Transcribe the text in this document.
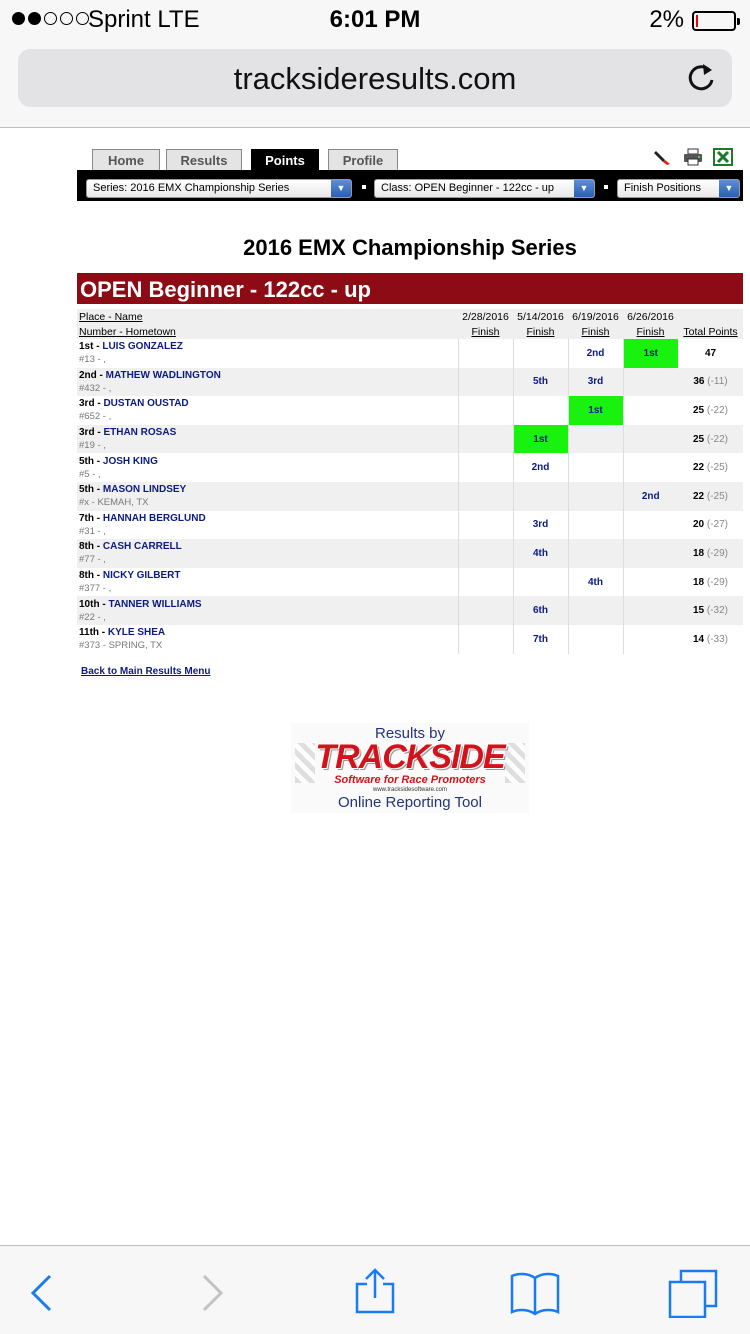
Sprint LTE	6:01 PM	2%
tracksideresults.com
Home	Results	Points	Profile
Series: 2016 EMX Championship Series	▼	Class: OPEN Beginner - 122cc - up	▼	Finish Positions	▼
2016 EMX Championship Series
OPEN Beginner - 122cc - up
Place - Name	2/28/2016	5/14/2016	6/19/2016	6/26/2016	
Number - Hometown	Finish	Finish	Finish	Finish	Total Points
1st - LUIS GONZALEZ
#13 - ,			2nd	1st	47
2nd - MATHEW WADLINGTON
#432 - ,		5th	3rd		36 (-11)
3rd - DUSTAN OUSTAD
#652 - ,			1st		25 (-22)
3rd - ETHAN ROSAS
#19 - ,		1st			25 (-22)
5th - JOSH KING
#5 - ,		2nd			22 (-25)
5th - MASON LINDSEY
#x - KEMAH, TX				2nd	22 (-25)
7th - HANNAH BERGLUND
#31 - ,		3rd			20 (-27)
8th - CASH CARRELL
#77 - ,		4th			18 (-29)
8th - NICKY GILBERT
#377 - ,			4th		18 (-29)
10th - TANNER WILLIAMS
#22 - ,		6th			15 (-32)
11th - KYLE SHEA
#373 - SPRING, TX		7th			14 (-33)
Back to Main Results Menu
Results by
TRACKSIDE
Software for Race Promoters
www.tracksidesoftware.com
Online Reporting Tool
